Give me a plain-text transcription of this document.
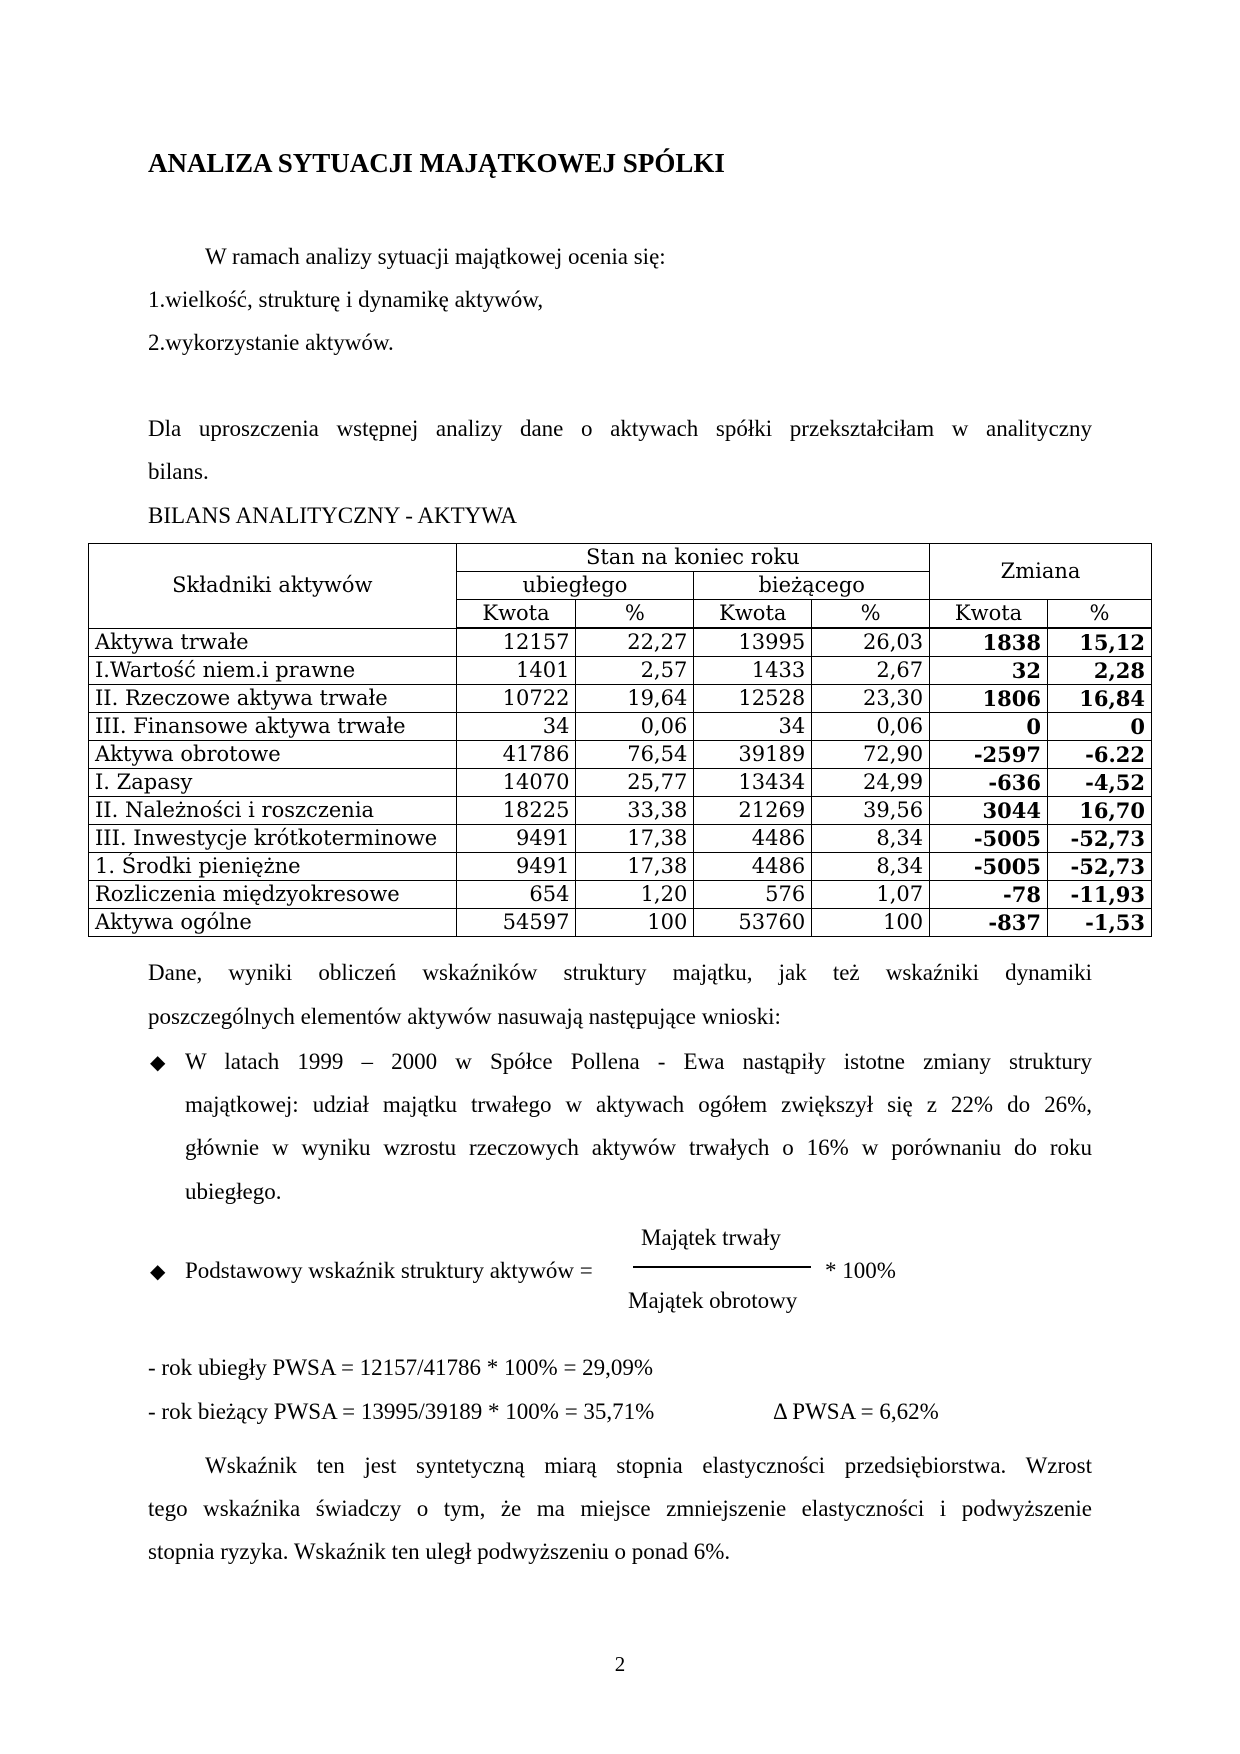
ANALIZA SYTUACJI MAJĄTKOWEJ SPÓLKI
W ramach analizy sytuacji majątkowej ocenia się:
1.wielkość, strukturę i dynamikę aktywów,
2.wykorzystanie aktywów.
Dla uproszczenia wstępnej analizy dane o aktywach spółki przekształciłam w analityczny
bilans.
BILANS ANALITYCZNY - AKTYWA
Składniki aktywów	Stan na koniec roku				Zmiana	
	ubiegłego		bieżącego			
	Kwota	%	Kwota	%	Kwota	%
Aktywa trwałe	12157	22,27	13995	26,03	1838	15,12
I.Wartość niem.i prawne	1401	2,57	1433	2,67	32	2,28
II. Rzeczowe aktywa trwałe	10722	19,64	12528	23,30	1806	16,84
III. Finansowe aktywa trwałe	34	0,06	34	0,06	0	0
Aktywa obrotowe	41786	76,54	39189	72,90	-2597	-6.22
I. Zapasy	14070	25,77	13434	24,99	-636	-4,52
II. Należności i roszczenia	18225	33,38	21269	39,56	3044	16,70
III. Inwestycje krótkoterminowe	9491	17,38	4486	8,34	-5005	-52,73
1. Środki pieniężne	9491	17,38	4486	8,34	-5005	-52,73
Rozliczenia międzyokresowe	654	1,20	576	1,07	-78	-11,93
Aktywa ogólne	54597	100	53760	100	-837	-1,53
Dane, wyniki obliczeń wskaźników struktury majątku, jak też wskaźniki dynamiki
poszczególnych elementów aktywów nasuwają następujące wnioski:
◆ W latach 1999 – 2000 w Spółce Pollena - Ewa nastąpiły istotne zmiany struktury
majątkowej: udział majątku trwałego w aktywach ogółem zwiększył się z 22% do 26%,
głównie w wyniku wzrostu rzeczowych aktywów trwałych o 16% w porównaniu do roku
ubiegłego.
◆ Podstawowy wskaźnik struktury aktywów =
Majątek trwały
Majątek obrotowy
* 100%
- rok ubiegły PWSA = 12157/41786 * 100% = 29,09%
- rok bieżący PWSA = 13995/39189 * 100% = 35,71%	Δ PWSA = 6,62%
Wskaźnik ten jest syntetyczną miarą stopnia elastyczności przedsiębiorstwa. Wzrost
tego wskaźnika świadczy o tym, że ma miejsce zmniejszenie elastyczności i podwyższenie
stopnia ryzyka. Wskaźnik ten uległ podwyższeniu o ponad 6%.
2
